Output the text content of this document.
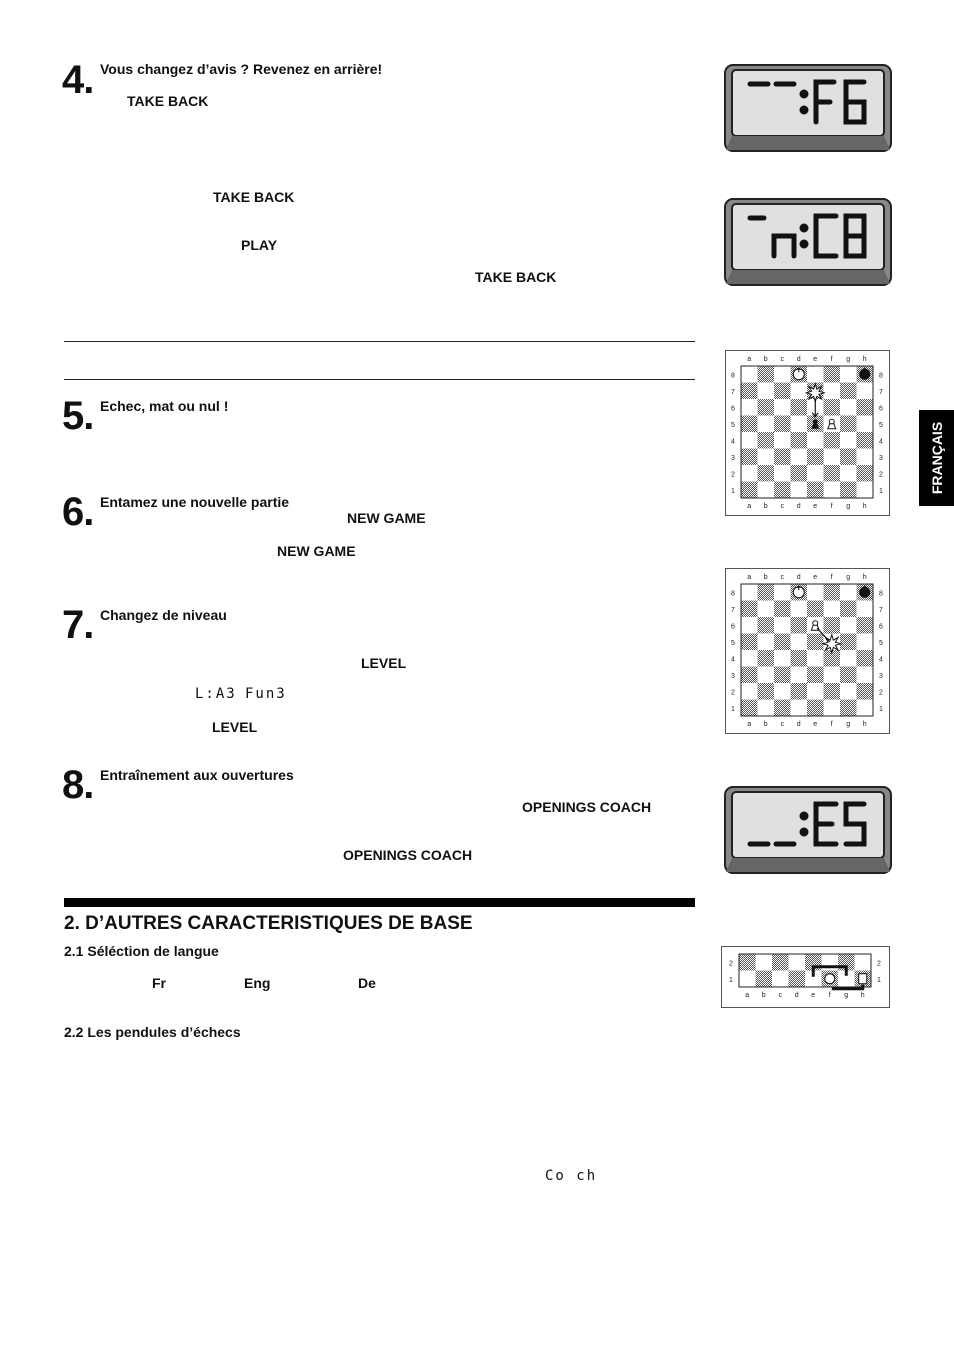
4.
5.
6.
7.
8.
Vous changez d’avis ? Revenez en arrière!
Echec, mat ou nul !
Entamez une nouvelle partie
Changez de niveau
Entraînement aux ouvertures
TAKE BACK
TAKE BACK
PLAY
TAKE BACK
NEW GAME
NEW GAME
LEVEL
LEVEL
OPENINGS COACH
OPENINGS COACH
L:A3 Fun3
Co ch
2. D’AUTRES CARACTERISTIQUES DE BASE
2.1 Séléction de langue
Fr	Eng	De
2.2 Les pendules d’échecs
FRANÇAIS
a
a
b
b
c
c
d
d
e
e
f
f
g
g
h
h
8	8
7	7
6	6
5	5
4	4
3	3
2	2
1	1
a
a
b
b
c
c
d
d
e
e
f
f
g
g
h
h
8	8
7	7
6	6
5	5
4	4
3	3
2	2
1	1
2	2
1	1
a b c d e f g h
